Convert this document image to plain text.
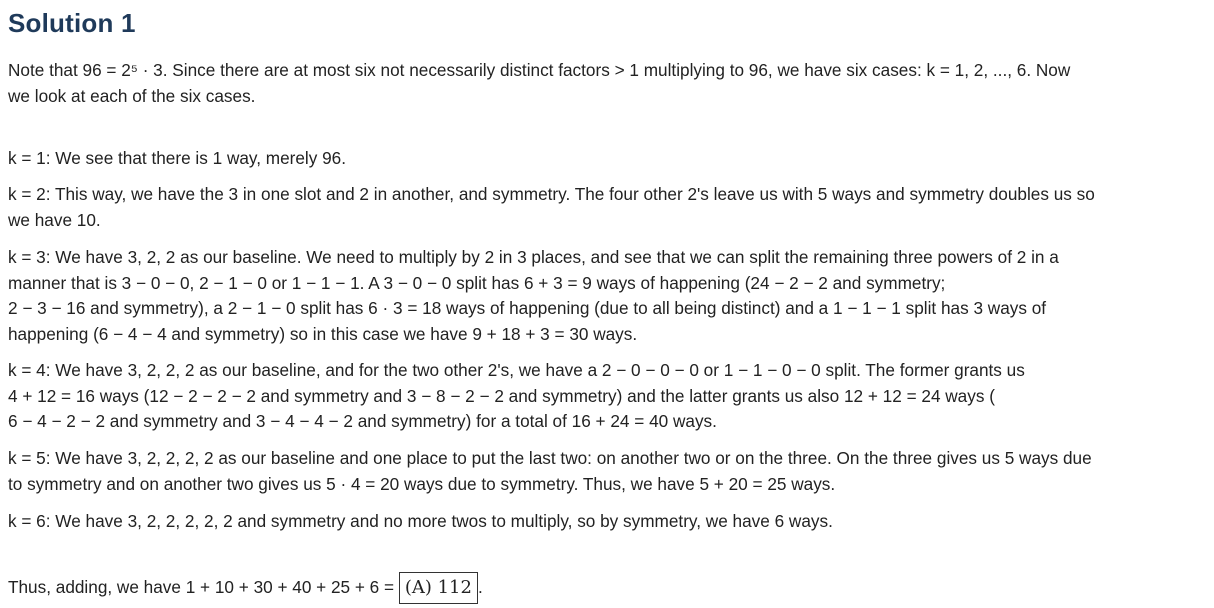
Solution 1

Note that 96 = 2⁵ · 3. Since there are at most six not necessarily distinct factors > 1 multiplying to 96, we have six cases: k = 1, 2, ..., 6. Now
we look at each of the six cases.

k = 1: We see that there is 1 way, merely 96.

k = 2: This way, we have the 3 in one slot and 2 in another, and symmetry. The four other 2's leave us with 5 ways and symmetry doubles us so
we have 10.

k = 3: We have 3, 2, 2 as our baseline. We need to multiply by 2 in 3 places, and see that we can split the remaining three powers of 2 in a
manner that is 3 − 0 − 0, 2 − 1 − 0 or 1 − 1 − 1. A 3 − 0 − 0 split has 6 + 3 = 9 ways of happening (24 − 2 − 2 and symmetry;
2 − 3 − 16 and symmetry), a 2 − 1 − 0 split has 6 · 3 = 18 ways of happening (due to all being distinct) and a 1 − 1 − 1 split has 3 ways of
happening (6 − 4 − 4 and symmetry) so in this case we have 9 + 18 + 3 = 30 ways.

k = 4: We have 3, 2, 2, 2 as our baseline, and for the two other 2's, we have a 2 − 0 − 0 − 0 or 1 − 1 − 0 − 0 split. The former grants us
4 + 12 = 16 ways (12 − 2 − 2 − 2 and symmetry and 3 − 8 − 2 − 2 and symmetry) and the latter grants us also 12 + 12 = 24 ways (
6 − 4 − 2 − 2 and symmetry and 3 − 4 − 4 − 2 and symmetry) for a total of 16 + 24 = 40 ways.

k = 5: We have 3, 2, 2, 2, 2 as our baseline and one place to put the last two: on another two or on the three. On the three gives us 5 ways due
to symmetry and on another two gives us 5 · 4 = 20 ways due to symmetry. Thus, we have 5 + 20 = 25 ways.

k = 6: We have 3, 2, 2, 2, 2, 2 and symmetry and no more twos to multiply, so by symmetry, we have 6 ways.

Thus, adding, we have 1 + 10 + 30 + 40 + 25 + 6 = (A) 112 .
